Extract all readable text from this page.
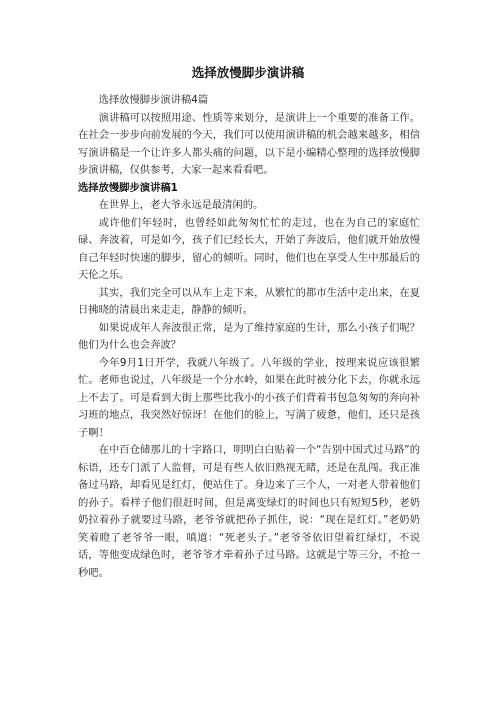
选择放慢脚步演讲稿

选择放慢脚步演讲稿4篇

演讲稿可以按照用途、性质等来划分，是演讲上一个重要的准备工作。在社会一步步向前发展的今天，我们可以使用演讲稿的机会越来越多，相信写演讲稿是一个让许多人都头痛的问题，以下是小编精心整理的选择放慢脚步演讲稿，仅供参考，大家一起来看看吧。

选择放慢脚步演讲稿1

在世界上，老大爷永远是最清闲的。

或许他们年轻时，也曾经如此匆匆忙忙的走过，也在为自己的家庭忙碌、奔波着，可是如今，孩子们已经长大，开始了奔波后，他们就开始放慢自己年轻时快速的脚步，留心的倾听。同时，他们也在享受人生中那最后的天伦之乐。

其实，我们完全可以从车上走下来，从繁忙的都市生活中走出来，在夏日拂晓的清晨出来走走，静静的倾听。

如果说成年人奔波很正常，是为了维持家庭的生计，那么小孩子们呢？他们为什么也会奔波？

今年9月1日开学，我就八年级了。八年级的学业，按理来说应该很繁忙。老师也说过，八年级是一个分水岭，如果在此时被分化下去，你就永远上不去了。可是看到大街上那些比我小的小孩子们背着书包急匆匆的奔向补习班的地点，我突然好惊讶！在他们的脸上，写满了疲惫，他们，还只是孩子啊！

在中百仓储那儿的十字路口，明明白白贴着一个“告别中国式过马路”的标语，还专门派了人监督，可是有些人依旧熟视无睹，还是在乱闯。我正准备过马路，却看见是红灯，便站住了。身边来了三个人，一对老人带着他们的孙子。看样子他们很赶时间，但是离变绿灯的时间也只有短短5秒，老奶奶拉着孙子就要过马路，老爷爷就把孙子抓住，说：“现在是红灯。”老奶奶笑着瞪了老爷爷一眼，嗔道：“死老头子。”老爷爷依旧望着红绿灯，不说话，等他变成绿色时，老爷爷才牵着孙子过马路。这就是宁等三分，不抢一秒吧。
